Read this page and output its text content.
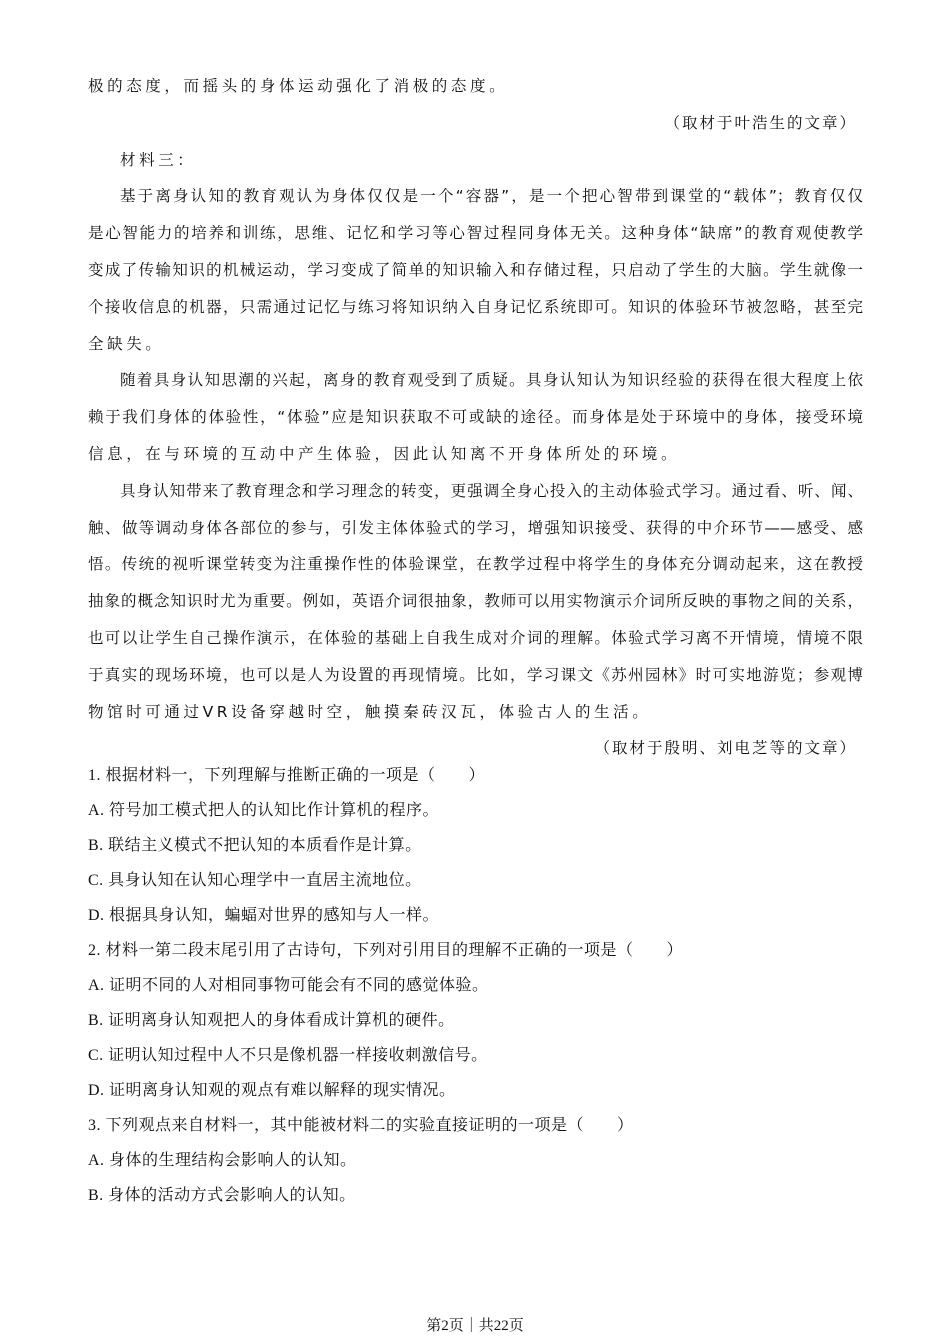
极的态度，而摇头的身体运动强化了消极的态度。
（取材于叶浩生的文章）
材料三：
基于离身认知的教育观认为身体仅仅是一个“容器”，是一个把心智带到课堂的“载体”；教育仅仅
是心智能力的培养和训练，思维、记忆和学习等心智过程同身体无关。这种身体“缺席”的教育观使教学
变成了传输知识的机械运动，学习变成了简单的知识输入和存储过程，只启动了学生的大脑。学生就像一
个接收信息的机器，只需通过记忆与练习将知识纳入自身记忆系统即可。知识的体验环节被忽略，甚至完
全缺失。
随着具身认知思潮的兴起，离身的教育观受到了质疑。具身认知认为知识经验的获得在很大程度上依
赖于我们身体的体验性，“体验”应是知识获取不可或缺的途径。而身体是处于环境中的身体，接受环境
信息，在与环境的互动中产生体验，因此认知离不开身体所处的环境。
具身认知带来了教育理念和学习理念的转变，更强调全身心投入的主动体验式学习。通过看、听、闻、
触、做等调动身体各部位的参与，引发主体体验式的学习，增强知识接受、获得的中介环节——感受、感
悟。传统的视听课堂转变为注重操作性的体验课堂，在教学过程中将学生的身体充分调动起来，这在教授
抽象的概念知识时尤为重要。例如，英语介词很抽象，教师可以用实物演示介词所反映的事物之间的关系，
也可以让学生自己操作演示，在体验的基础上自我生成对介词的理解。体验式学习离不开情境，情境不限
于真实的现场环境，也可以是人为设置的再现情境。比如，学习课文《苏州园林》时可实地游览；参观博
物馆时可通过VR设备穿越时空，触摸秦砖汉瓦，体验古人的生活。
（取材于殷明、刘电芝等的文章）
1. 根据材料一，下列理解与推断正确的一项是（　　）
A. 符号加工模式把人的认知比作计算机的程序。
B. 联结主义模式不把认知的本质看作是计算。
C. 具身认知在认知心理学中一直居主流地位。
D. 根据具身认知，蝙蝠对世界的感知与人一样。
2. 材料一第二段末尾引用了古诗句，下列对引用目的理解不正确的一项是（　　）
A. 证明不同的人对相同事物可能会有不同的感觉体验。
B. 证明离身认知观把人的身体看成计算机的硬件。
C. 证明认知过程中人不只是像机器一样接收刺激信号。
D. 证明离身认知观的观点有难以解释的现实情况。
3. 下列观点来自材料一，其中能被材料二的实验直接证明的一项是（　　）
A. 身体的生理结构会影响人的认知。
B. 身体的活动方式会影响人的认知。
第2页｜共22页
